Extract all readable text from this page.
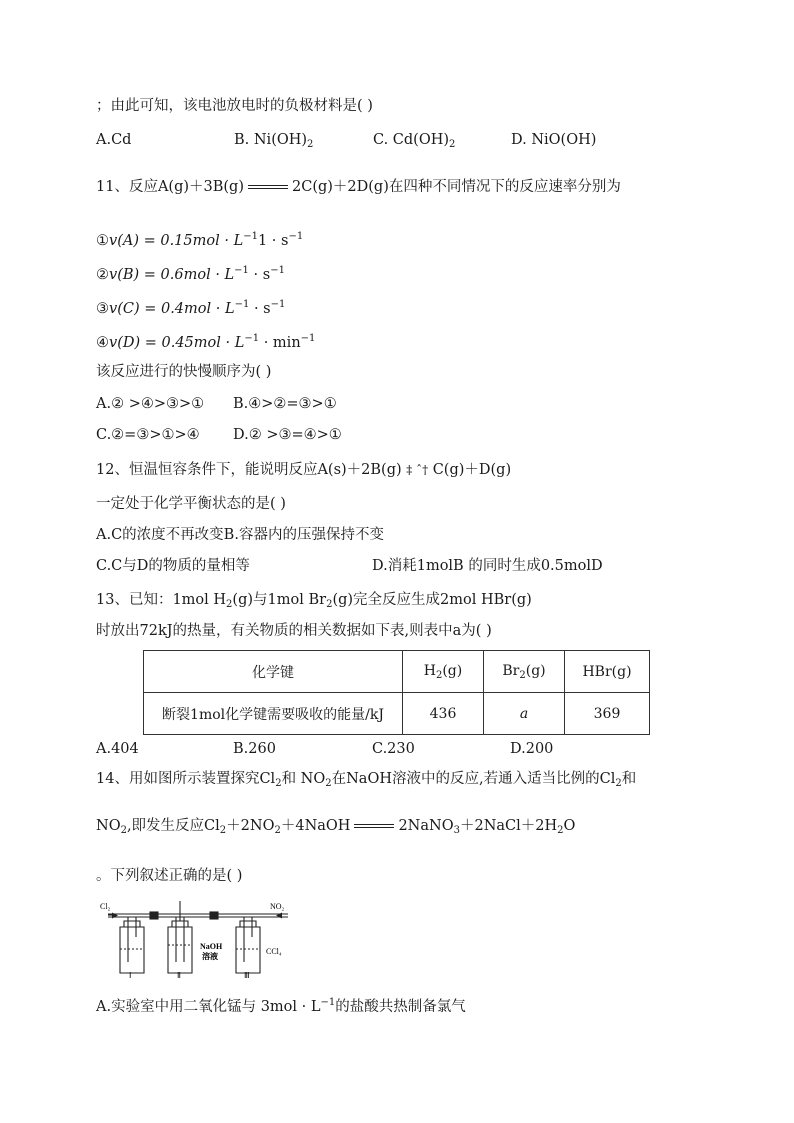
；由此可知，该电池放电时的负极材料是( )
A.Cd	B. $Ni(OH)_2$	C. $Cd(OH)_2$	D. NiO(OH)
11、反应A(g)＋3B(g)	2C(g)＋2D(g)在四种不同情况下的反应速率分别为
①v(A) = $0.15mol \cdot L^{-1}1 \cdot s^{-1}$
②v(B) = $0.6mol \cdot L^{-1} \cdot s^{-1}$
③v(C) = $0.4mol \cdot L^{-1} \cdot s^{-1}$
④v(D) = $0.45mol \cdot L^{-1} \cdot \min^{-1}$
该反应进行的快慢顺序为( )
A.② >④>③>① B.④>②=③>①
C.②=③>①>④ D.② >③=④>①
12、恒温恒容条件下，能说明反应A(s)＋2B(g) ‡ ˆ† C(g)＋D(g)
一定处于化学平衡状态的是( )
A.C的浓度不再改变B.容器内的压强保持不变
C.C与D的物质的量相等	D.消耗1molB 的同时生成0.5molD
13、已知：1mol $H_2(g)$与1mol $Br_2(g)$完全反应生成2mol HBr(g)
时放出72kJ的热量，有关物质的相关数据如下表,则表中a为( )
化学键	$H_2(g)$	$Br_2(g)$	HBr(g)
断裂1mol化学键需要吸收的能量/kJ	436	a	369
A.404	B.260	C.230	D.200
14、用如图所示装置探究$Cl_2$和 $NO_2$在NaOH溶液中的反应,若通入适当比例的$Cl_2$和
$NO_2$,即发生反应$Cl_2+2NO_2+4NaOH$	$2NaNO_3+2NaCl+2H_2O$
。下列叙述正确的是( )
Cl₂	NO₂
NaOH
溶液
CCl₄
Ⅰ	Ⅱ	Ⅲ
A.实验室中用二氧化锰与 $3mol \cdot L^{-1}$的盐酸共热制备氯气
